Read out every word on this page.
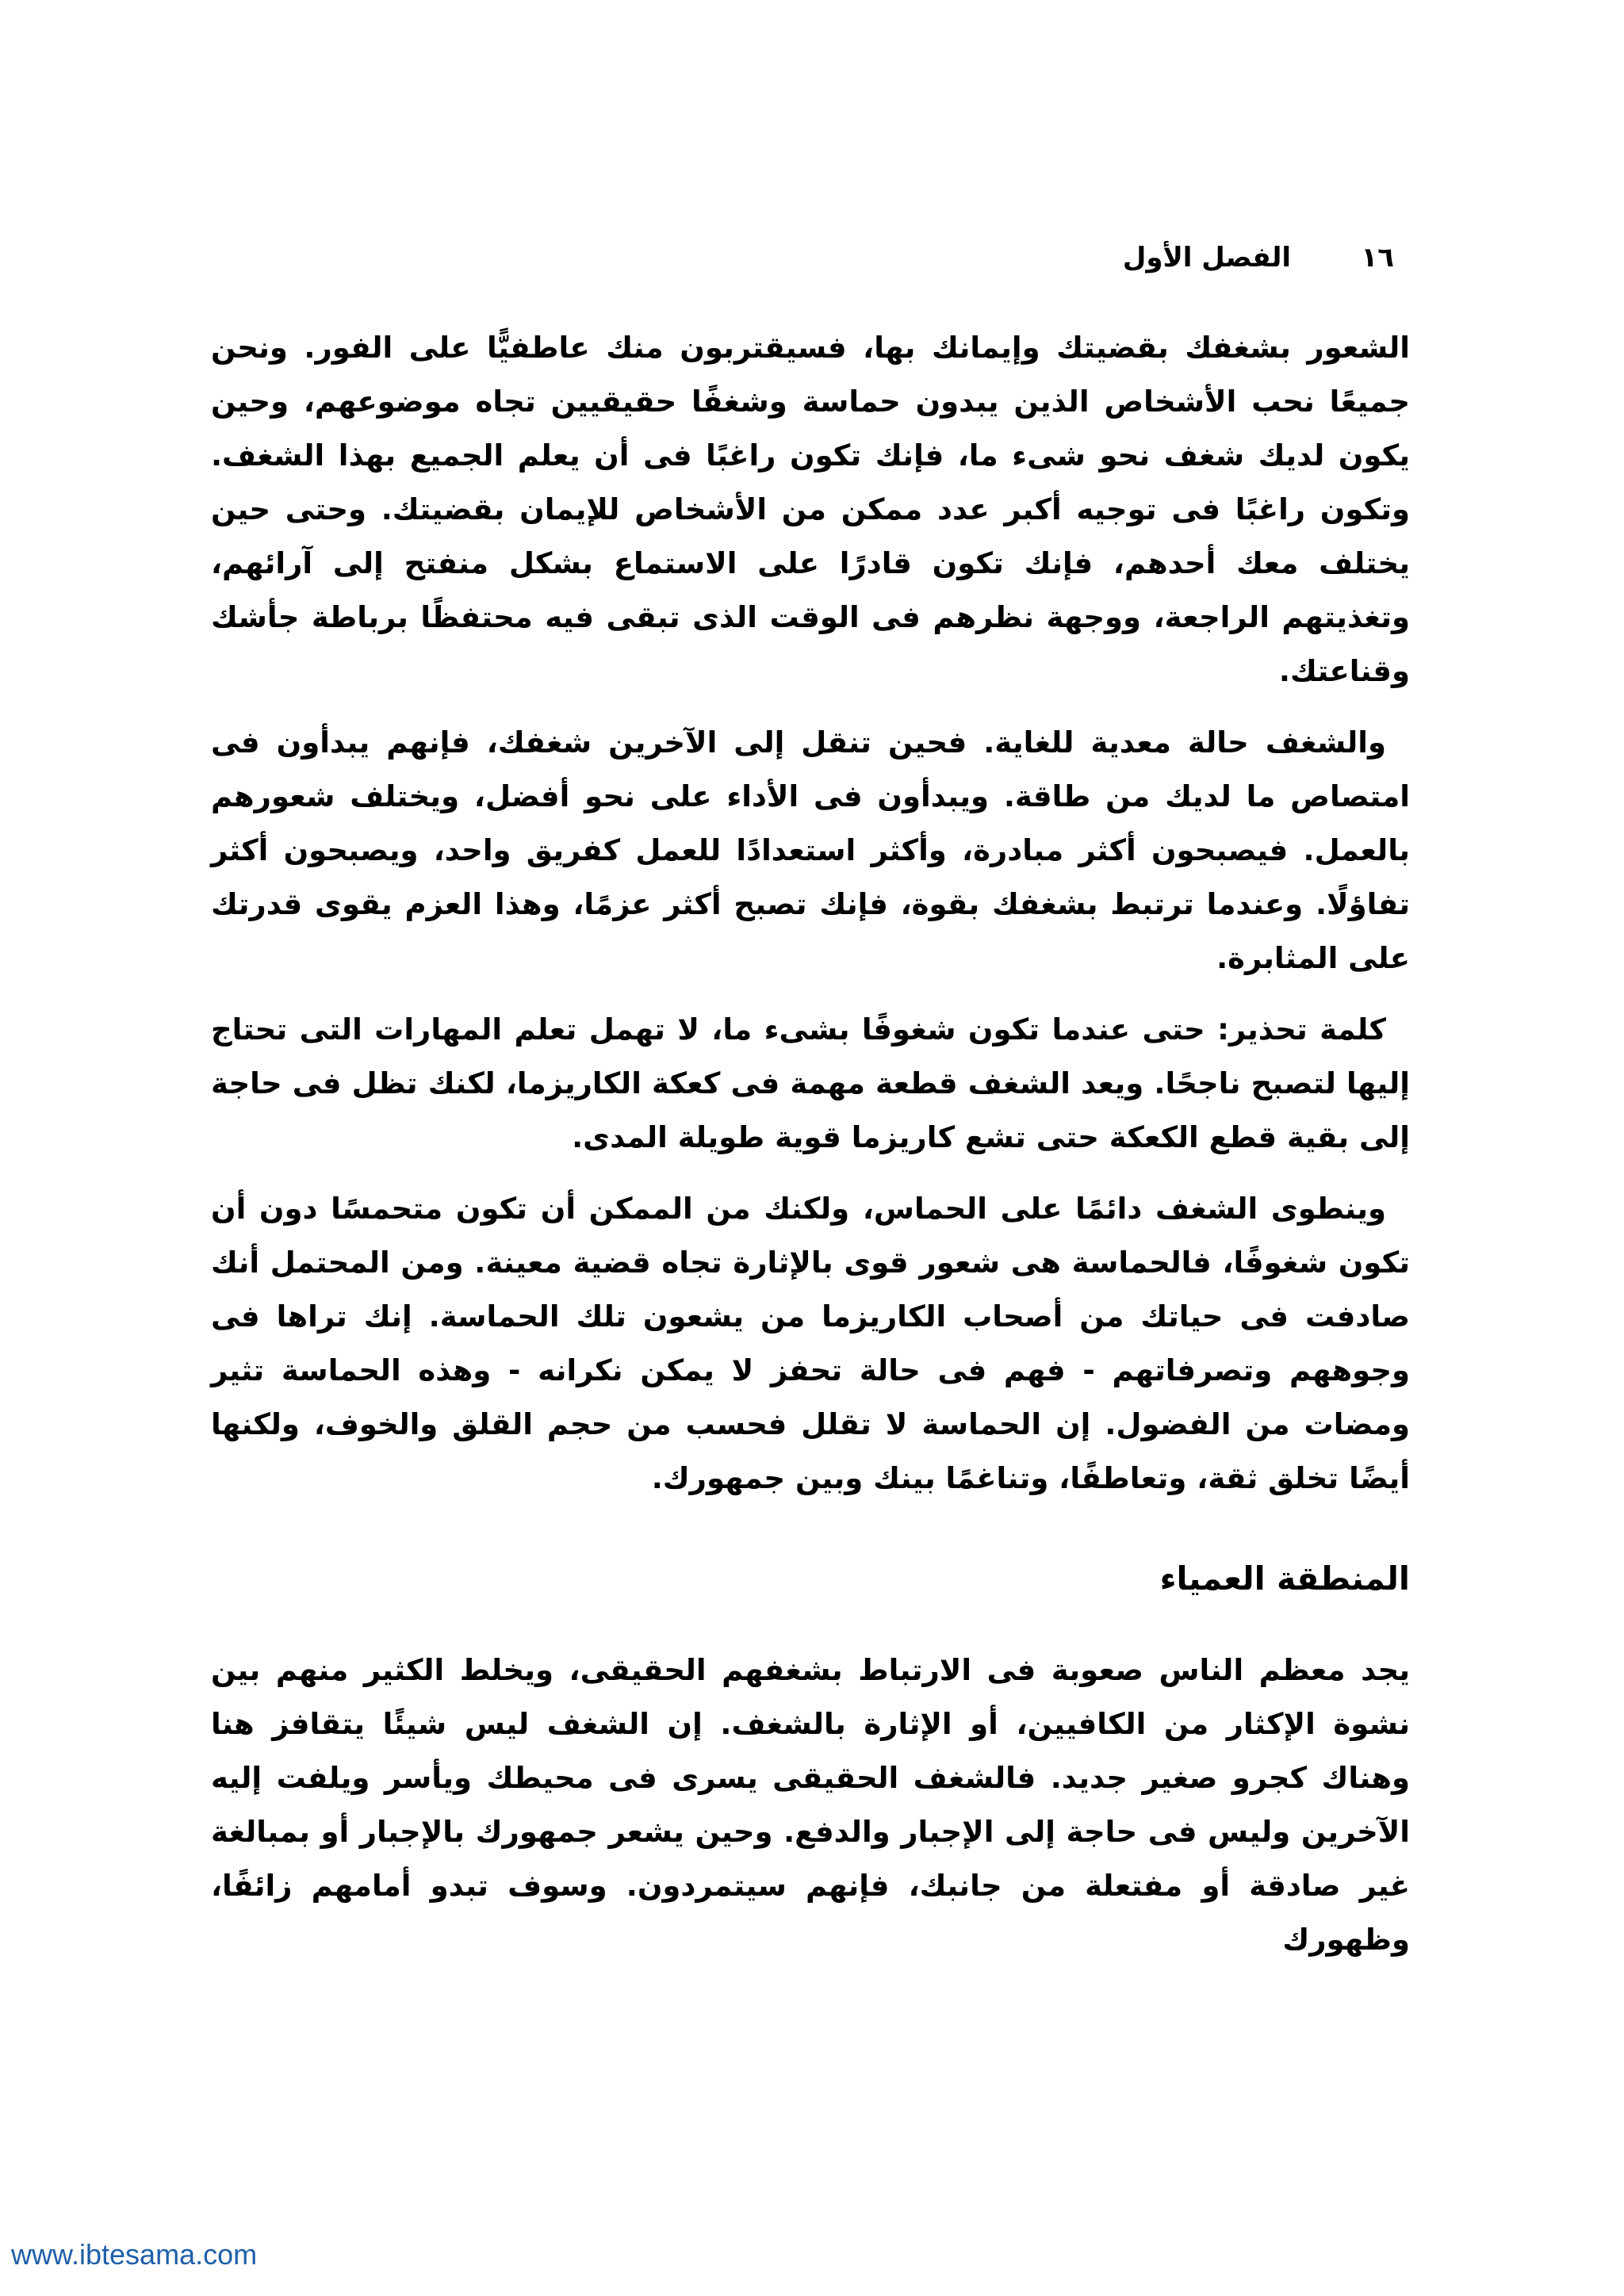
١٦
الفصل الأول

الشعور بشغفك بقضيتك وإيمانك بها، فسيقتربون منك عاطفيًّا على الفور. ونحن جميعًا نحب الأشخاص الذين يبدون حماسة وشغفًا حقيقيين تجاه موضوعهم، وحين يكون لديك شغف نحو شىء ما، فإنك تكون راغبًا فى أن يعلم الجميع بهذا الشغف. وتكون راغبًا فى توجيه أكبر عدد ممكن من الأشخاص للإيمان بقضيتك. وحتى حين يختلف معك أحدهم، فإنك تكون قادرًا على الاستماع بشكل منفتح إلى آرائهم، وتغذيتهم الراجعة، ووجهة نظرهم فى الوقت الذى تبقى فيه محتفظًا برباطة جأشك وقناعتك.

والشغف حالة معدية للغاية. فحين تنقل إلى الآخرين شغفك، فإنهم يبدأون فى امتصاص ما لديك من طاقة. ويبدأون فى الأداء على نحو أفضل، ويختلف شعورهم بالعمل. فيصبحون أكثر مبادرة، وأكثر استعدادًا للعمل كفريق واحد، ويصبحون أكثر تفاؤلًا. وعندما ترتبط بشغفك بقوة، فإنك تصبح أكثر عزمًا، وهذا العزم يقوى قدرتك على المثابرة.

كلمة تحذير: حتى عندما تكون شغوفًا بشىء ما، لا تهمل تعلم المهارات التى تحتاج إليها لتصبح ناجحًا. ويعد الشغف قطعة مهمة فى كعكة الكاريزما، لكنك تظل فى حاجة إلى بقية قطع الكعكة حتى تشع كاريزما قوية طويلة المدى.

وينطوى الشغف دائمًا على الحماس، ولكنك من الممكن أن تكون متحمسًا دون أن تكون شغوفًا، فالحماسة هى شعور قوى بالإثارة تجاه قضية معينة. ومن المحتمل أنك صادفت فى حياتك من أصحاب الكاريزما من يشعون تلك الحماسة. إنك تراها فى وجوههم وتصرفاتهم - فهم فى حالة تحفز لا يمكن نكرانه - وهذه الحماسة تثير ومضات من الفضول. إن الحماسة لا تقلل فحسب من حجم القلق والخوف، ولكنها أيضًا تخلق ثقة، وتعاطفًا، وتناغمًا بينك وبين جمهورك.

المنطقة العمياء

يجد معظم الناس صعوبة فى الارتباط بشغفهم الحقيقى، ويخلط الكثير منهم بين نشوة الإكثار من الكافيين، أو الإثارة بالشغف. إن الشغف ليس شيئًا يتقافز هنا وهناك كجرو صغير جديد. فالشغف الحقيقى يسرى فى محيطك ويأسر ويلفت إليه الآخرين وليس فى حاجة إلى الإجبار والدفع. وحين يشعر جمهورك بالإجبار أو بمبالغة غير صادقة أو مفتعلة من جانبك، فإنهم سيتمردون. وسوف تبدو أمامهم زائفًا، وظهورك

www.ibtesama.com
